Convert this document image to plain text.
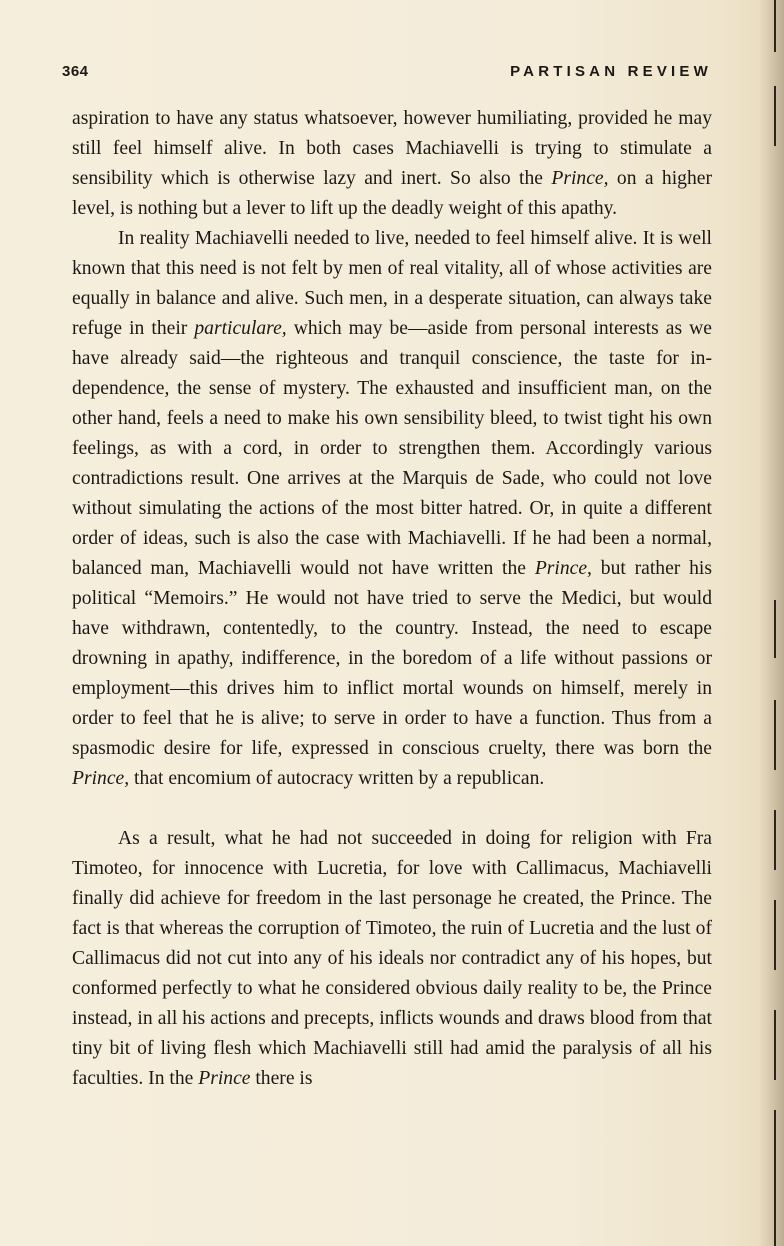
364	PARTISAN REVIEW

aspiration to have any status whatsoever, however humiliating, provided he may still feel himself alive. In both cases Machiavelli is trying to stimulate a sensibility which is otherwise lazy and inert. So also the Prince, on a higher level, is nothing but a lever to lift up the deadly weight of this apathy.

In reality Machiavelli needed to live, needed to feel himself alive. It is well known that this need is not felt by men of real vitality, all of whose activities are equally in balance and alive. Such men, in a desperate situation, can always take refuge in their particulare, which may be—aside from personal interests as we have already said—the righteous and tranquil conscience, the taste for independence, the sense of mystery. The exhausted and insufficient man, on the other hand, feels a need to make his own sensibility bleed, to twist tight his own feelings, as with a cord, in order to strengthen them. Accordingly various contradictions result. One arrives at the Marquis de Sade, who could not love without simulating the actions of the most bitter hatred. Or, in quite a different order of ideas, such is also the case with Machiavelli. If he had been a normal, balanced man, Machiavelli would not have written the Prince, but rather his political “Memoirs.” He would not have tried to serve the Medici, but would have withdrawn, contentedly, to the country. Instead, the need to escape drowning in apathy, indifference, in the boredom of a life without passions or employment—this drives him to inflict mortal wounds on himself, merely in order to feel that he is alive; to serve in order to have a function. Thus from a spasmodic desire for life, expressed in conscious cruelty, there was born the Prince, that encomium of autocracy written by a republican.

As a result, what he had not succeeded in doing for religion with Fra Timoteo, for innocence with Lucretia, for love with Callimacus, Machiavelli finally did achieve for freedom in the last personage he created, the Prince. The fact is that whereas the corruption of Timoteo, the ruin of Lucretia and the lust of Callimacus did not cut into any of his ideals nor contradict any of his hopes, but conformed perfectly to what he considered obvious daily reality to be, the Prince instead, in all his actions and precepts, inflicts wounds and draws blood from that tiny bit of living flesh which Machiavelli still had amid the paralysis of all his faculties. In the Prince there is
